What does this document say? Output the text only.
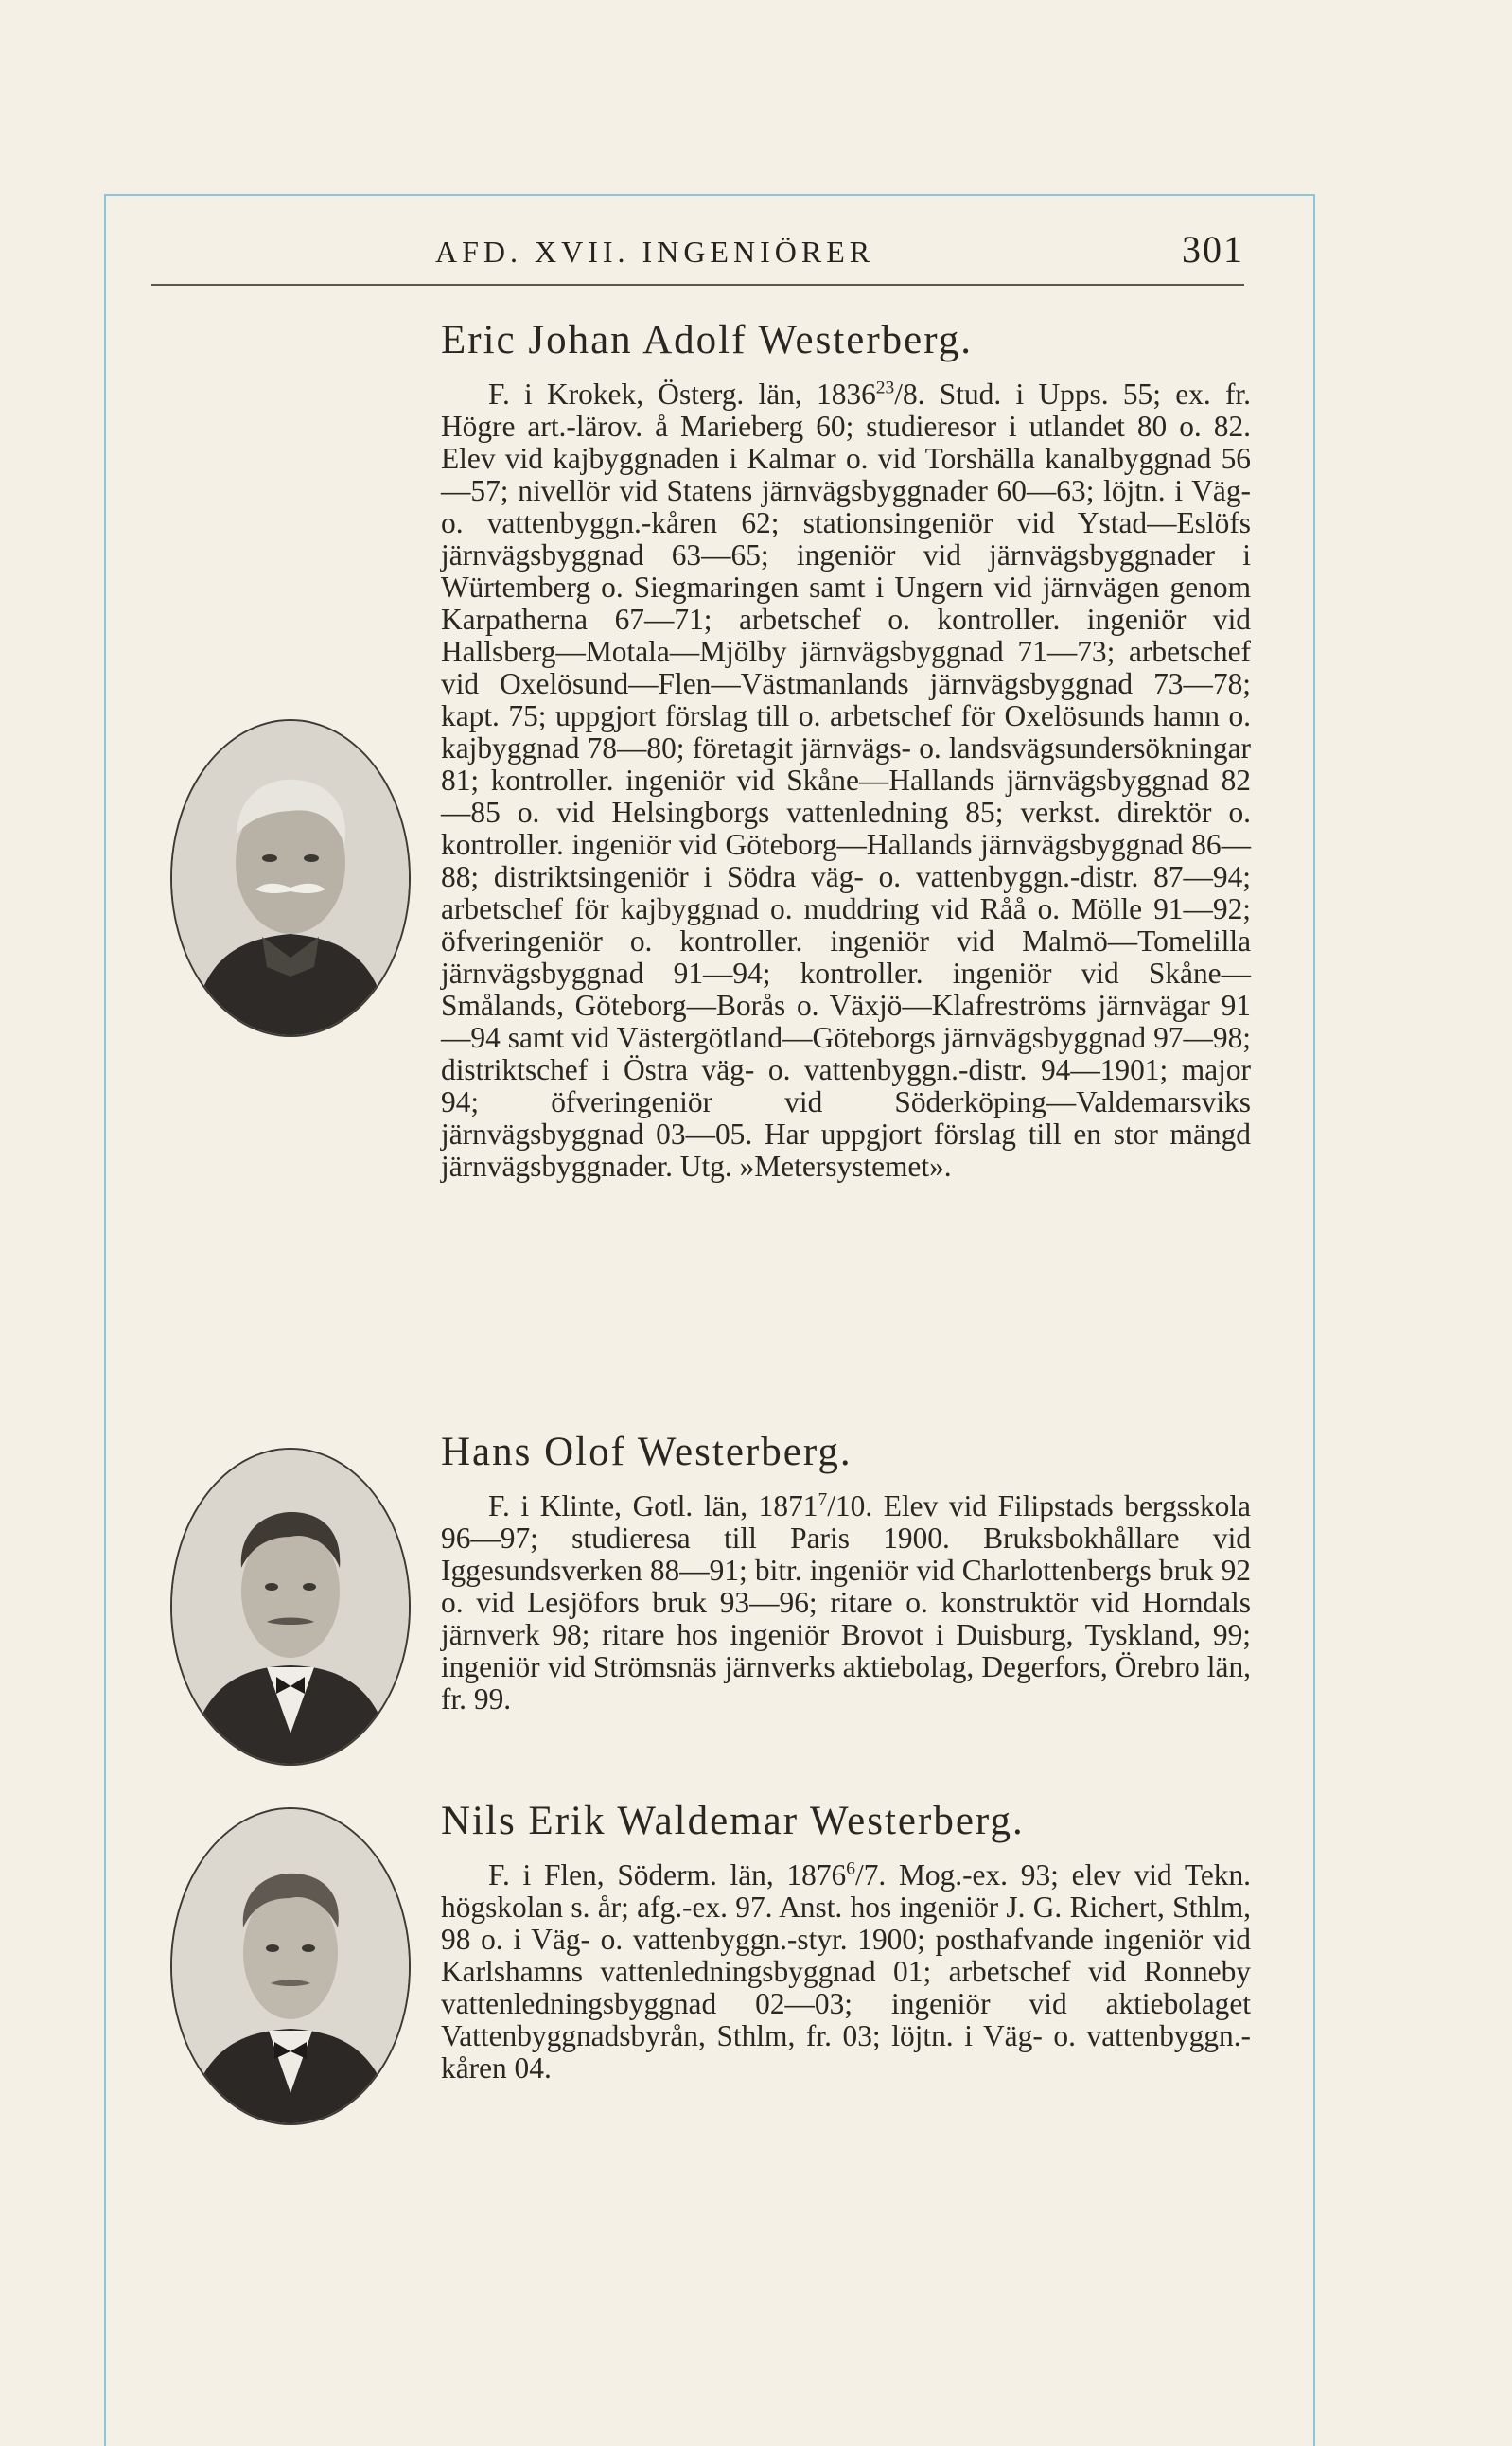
AFD. XVII. INGENIÖRER	301
Eric Johan Adolf Westerberg.

F. i Krokek, Österg. län, 1836$^{23}$/8. Stud. i Upps. 55; ex. fr. Högre art.-lärov. å Marieberg 60; studieresor i utlandet 80 o. 82. Elev vid kajbyggnaden i Kalmar o. vid Torshälla kanalbyggnad 56—57; nivellör vid Statens järnvägsbyggnader 60—63; löjtn. i Väg- o. vattenbyggn.-kåren 62; stationsingeniör vid Ystad—Eslöfs järnvägsbyggnad 63—65; ingeniör vid järnvägsbyggnader i Würtemberg o. Siegmaringen samt i Ungern vid järnvägen genom Karpatherna 67—71; arbetschef o. kontroller. ingeniör vid Hallsberg—Motala—Mjölby järnvägsbyggnad 71—73; arbetschef vid Oxelösund—Flen—Västmanlands järnvägsbyggnad 73—78; kapt. 75; uppgjort förslag till o. arbetschef för Oxelösunds hamn o. kajbyggnad 78—80; företagit järnvägs- o. landsvägsundersökningar 81; kontroller. ingeniör vid Skåne—Hallands järnvägsbyggnad 82—85 o. vid Helsingborgs vattenledning 85; verkst. direktör o. kontroller. ingeniör vid Göteborg—Hallands järnvägsbyggnad 86—88; distriktsingeniör i Södra väg- o. vattenbyggn.-distr. 87—94; arbetschef för kajbyggnad o. muddring vid Råå o. Mölle 91—92; öfveringeniör o. kontroller. ingeniör vid Malmö—Tomelilla järnvägsbyggnad 91—94; kontroller. ingeniör vid Skåne—Smålands, Göteborg—Borås o. Växjö—Klafreströms järnvägar 91—94 samt vid Västergötland—Göteborgs järnvägsbyggnad 97—98; distriktschef i Östra väg- o. vattenbyggn.-distr. 94—1901; major 94; öfveringeniör vid Söderköping—Valdemarsviks järnvägsbyggnad 03—05. Har uppgjort förslag till en stor mängd järnvägsbyggnader. Utg. »Metersystemet».

Hans Olof Westerberg.

F. i Klinte, Gotl. län, 1871$^7$/10. Elev vid Filipstads bergsskola 96—97; studieresa till Paris 1900. Bruksbokhållare vid Iggesundsverken 88—91; bitr. ingeniör vid Charlottenbergs bruk 92 o. vid Lesjöfors bruk 93—96; ritare o. konstruktör vid Horndals järnverk 98; ritare hos ingeniör Brovot i Duisburg, Tyskland, 99; ingeniör vid Strömsnäs järnverks aktiebolag, Degerfors, Örebro län, fr. 99.

Nils Erik Waldemar Westerberg.

F. i Flen, Söderm. län, 1876$^6$/7. Mog.-ex. 93; elev vid Tekn. högskolan s. år; afg.-ex. 97. Anst. hos ingeniör J. G. Richert, Sthlm, 98 o. i Väg- o. vattenbyggn.-styr. 1900; posthafvande ingeniör vid Karlshamns vattenledningsbyggnad 01; arbetschef vid Ronneby vattenledningsbyggnad 02—03; ingeniör vid aktiebolaget Vattenbyggnadsbyrån, Sthlm, fr. 03; löjtn. i Väg- o. vattenbyggn.-kåren 04.
